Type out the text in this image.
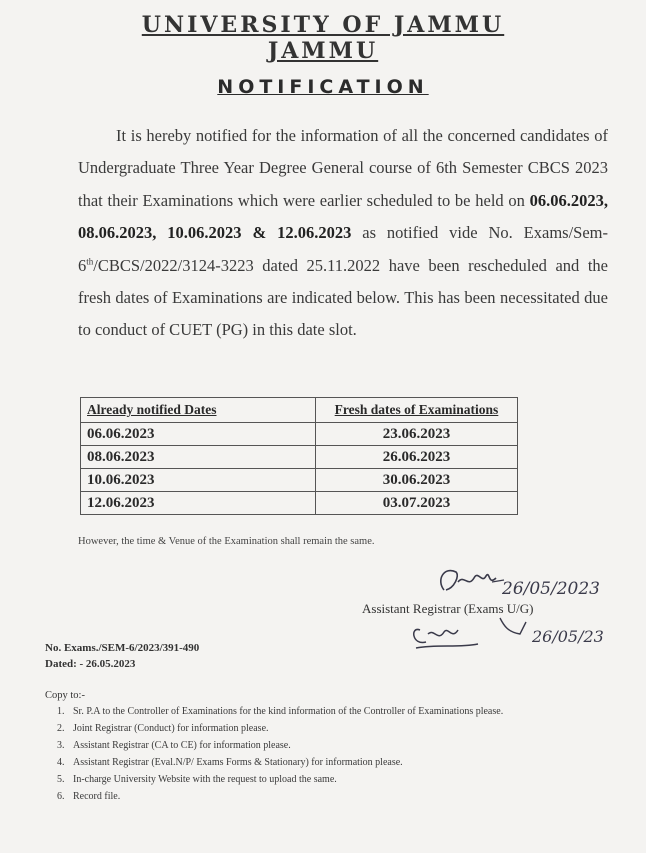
UNIVERSITY OF JAMMU
JAMMU
NOTIFICATION
It is hereby notified for the information of all the concerned candidates of Undergraduate Three Year Degree General course of 6th Semester CBCS 2023 that their Examinations which were earlier scheduled to be held on 06.06.2023, 08.06.2023, 10.06.2023 & 12.06.2023 as notified vide No. Exams/Sem-6th/CBCS/2022/3124-3223 dated 25.11.2022 have been rescheduled and the fresh dates of Examinations are indicated below. This has been necessitated due to conduct of CUET (PG) in this date slot.
Already notified Dates	Fresh dates of Examinations
06.06.2023	23.06.2023
08.06.2023	26.06.2023
10.06.2023	30.06.2023
12.06.2023	03.07.2023
However, the time & Venue of the Examination shall remain the same.
26/05/2023
Assistant Registrar (Exams U/G)
26/05/23
No. Exams./SEM-6/2023/391-490
Dated: - 26.05.2023
Copy to:-
1. Sr. P.A to the Controller of Examinations for the kind information of the Controller of Examinations please.
2. Joint Registrar (Conduct) for information please.
3. Assistant Registrar (CA to CE) for information please.
4. Assistant Registrar (Eval.N/P/ Exams Forms & Stationary) for information please.
5. In-charge University Website with the request to upload the same.
6. Record file.
